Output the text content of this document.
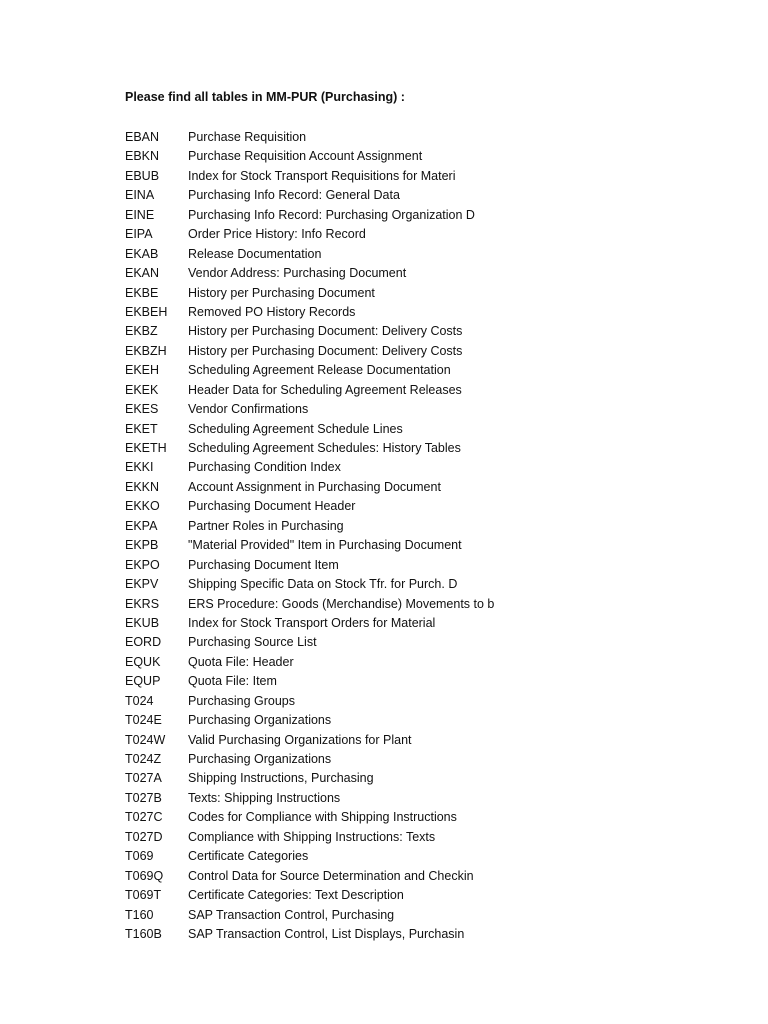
Please find all tables in MM-PUR (Purchasing) :
EBAN	Purchase Requisition
EBKN	Purchase Requisition Account Assignment
EBUB	Index for Stock Transport Requisitions for Materi
EINA	Purchasing Info Record: General Data
EINE	Purchasing Info Record: Purchasing Organization D
EIPA	Order Price History: Info Record
EKAB	Release Documentation
EKAN	Vendor Address: Purchasing Document
EKBE	History per Purchasing Document
EKBEH	Removed PO History Records
EKBZ	History per Purchasing Document: Delivery Costs
EKBZH	History per Purchasing Document: Delivery Costs
EKEH	Scheduling Agreement Release Documentation
EKEK	Header Data for Scheduling Agreement Releases
EKES	Vendor Confirmations
EKET	Scheduling Agreement Schedule Lines
EKETH	Scheduling Agreement Schedules: History Tables
EKKI	Purchasing Condition Index
EKKN	Account Assignment in Purchasing Document
EKKO	Purchasing Document Header
EKPA	Partner Roles in Purchasing
EKPB	"Material Provided" Item in Purchasing Document
EKPO	Purchasing Document Item
EKPV	Shipping Specific Data on Stock Tfr. for Purch. D
EKRS	ERS Procedure: Goods (Merchandise) Movements to b
EKUB	Index for Stock Transport Orders for Material
EORD	Purchasing Source List
EQUK	Quota File: Header
EQUP	Quota File: Item
T024	Purchasing Groups
T024E	Purchasing Organizations
T024W	Valid Purchasing Organizations for Plant
T024Z	Purchasing Organizations
T027A	Shipping Instructions, Purchasing
T027B	Texts: Shipping Instructions
T027C	Codes for Compliance with Shipping Instructions
T027D	Compliance with Shipping Instructions: Texts
T069	Certificate Categories
T069Q	Control Data for Source Determination and Checkin
T069T	Certificate Categories: Text Description
T160	SAP Transaction Control, Purchasing
T160B	SAP Transaction Control, List Displays, Purchasin
